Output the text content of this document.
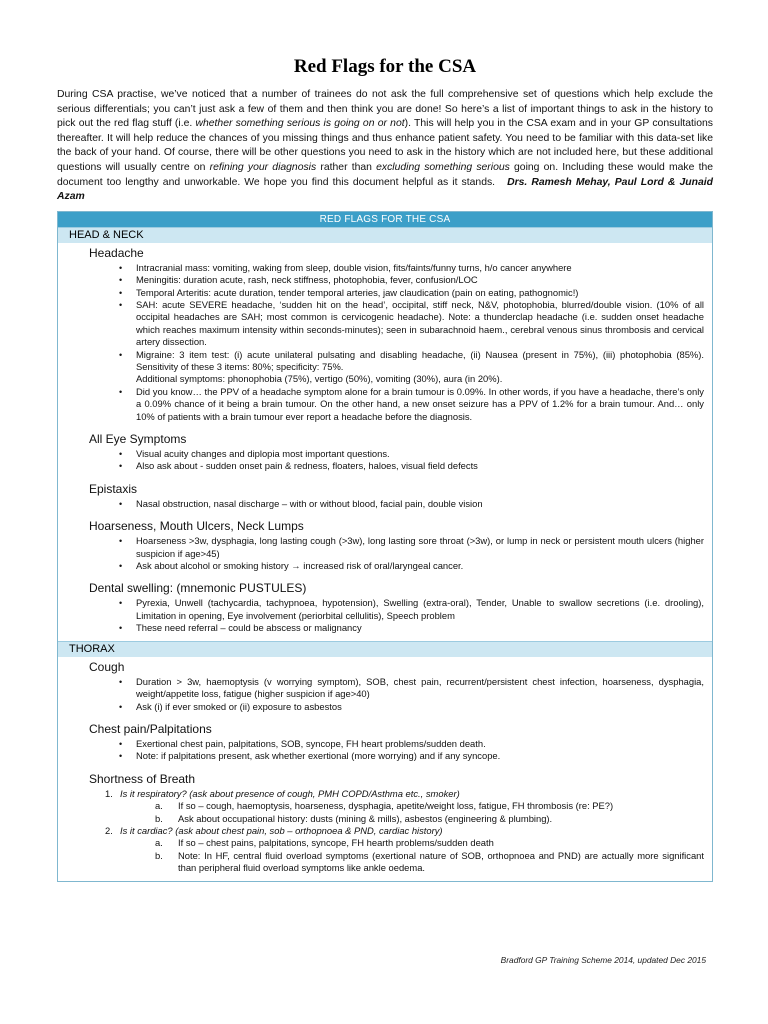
Red Flags for the CSA

During CSA practise, we’ve noticed that a number of trainees do not ask the full comprehensive set of questions which help exclude the serious differentials; you can’t just ask a few of them and then think you are done! So here’s a list of important things to ask in the history to pick out the red flag stuff (i.e. whether something serious is going on or not). This will help you in the CSA exam and in your GP consultations thereafter. It will help reduce the chances of you missing things and thus enhance patient safety. You need to be familiar with this data-set like the back of your hand. Of course, there will be other questions you need to ask in the history which are not included here, but these additional questions will usually centre on refining your diagnosis rather than excluding something serious going on. Including these would make the document too lengthy and unworkable. We hope you find this document helpful as it stands. Drs. Ramesh Mehay, Paul Lord & Junaid Azam

RED FLAGS FOR THE CSA
HEAD & NECK
Headache
• Intracranial mass: vomiting, waking from sleep, double vision, fits/faints/funny turns, h/o cancer anywhere
• Meningitis: duration acute, rash, neck stiffness, photophobia, fever, confusion/LOC
• Temporal Arteritis: acute duration, tender temporal arteries, jaw claudication (pain on eating, pathognomic!)
• SAH: acute SEVERE headache, ‘sudden hit on the head’, occipital, stiff neck, N&V, photophobia, blurred/double vision. (10% of all occipital headaches are SAH; most common is cervicogenic headache). Note: a thunderclap headache (i.e. sudden onset headache which reaches maximum intensity within seconds-minutes); seen in subarachnoid haem., cerebral venous sinus thrombosis and cervical artery dissection.
• Migraine: 3 item test: (i) acute unilateral pulsating and disabling headache, (ii) Nausea (present in 75%), (iii) photophobia (85%). Sensitivity of these 3 items: 80%; specificity: 75%.
Additional symptoms: phonophobia (75%), vertigo (50%), vomiting (30%), aura (in 20%).
• Did you know… the PPV of a headache symptom alone for a brain tumour is 0.09%. In other words, if you have a headache, there’s only a 0.09% chance of it being a brain tumour. On the other hand, a new onset seizure has a PPV of 1.2% for a brain tumour. And… only 10% of patients with a brain tumour ever report a headache before the diagnosis.
All Eye Symptoms
• Visual acuity changes and diplopia most important questions.
• Also ask about - sudden onset pain & redness, floaters, haloes, visual field defects
Epistaxis
• Nasal obstruction, nasal discharge – with or without blood, facial pain, double vision
Hoarseness, Mouth Ulcers, Neck Lumps
• Hoarseness >3w, dysphagia, long lasting cough (>3w), long lasting sore throat (>3w), or lump in neck or persistent mouth ulcers (higher suspicion if age>45)
• Ask about alcohol or smoking history → increased risk of oral/laryngeal cancer.
Dental swelling: (mnemonic PUSTULES)
• Pyrexia, Unwell (tachycardia, tachypnoea, hypotension), Swelling (extra-oral), Tender, Unable to swallow secretions (i.e. drooling), Limitation in opening, Eye involvement (periorbital cellulitis), Speech problem
• These need referral – could be abscess or malignancy
THORAX
Cough
• Duration > 3w, haemoptysis (v worrying symptom), SOB, chest pain, recurrent/persistent chest infection, hoarseness, dysphagia, weight/appetite loss, fatigue (higher suspicion if age>40)
• Ask (i) if ever smoked or (ii) exposure to asbestos
Chest pain/Palpitations
• Exertional chest pain, palpitations, SOB, syncope, FH heart problems/sudden death.
• Note: if palpitations present, ask whether exertional (more worrying) and if any syncope.
Shortness of Breath
1. Is it respiratory? (ask about presence of cough, PMH COPD/Asthma etc., smoker)
a. If so – cough, haemoptysis, hoarseness, dysphagia, apetite/weight loss, fatigue, FH thrombosis (re: PE?)
b. Ask about occupational history: dusts (mining & mills), asbestos (engineering & plumbing).
2. Is it cardiac? (ask about chest pain, sob – orthopnoea & PND, cardiac history)
a. If so – chest pains, palpitations, syncope, FH hearth problems/sudden death
b. Note: In HF, central fluid overload symptoms (exertional nature of SOB, orthopnoea and PND) are actually more significant than peripheral fluid overload symptoms like ankle oedema.
Bradford GP Training Scheme 2014, updated Dec 2015
